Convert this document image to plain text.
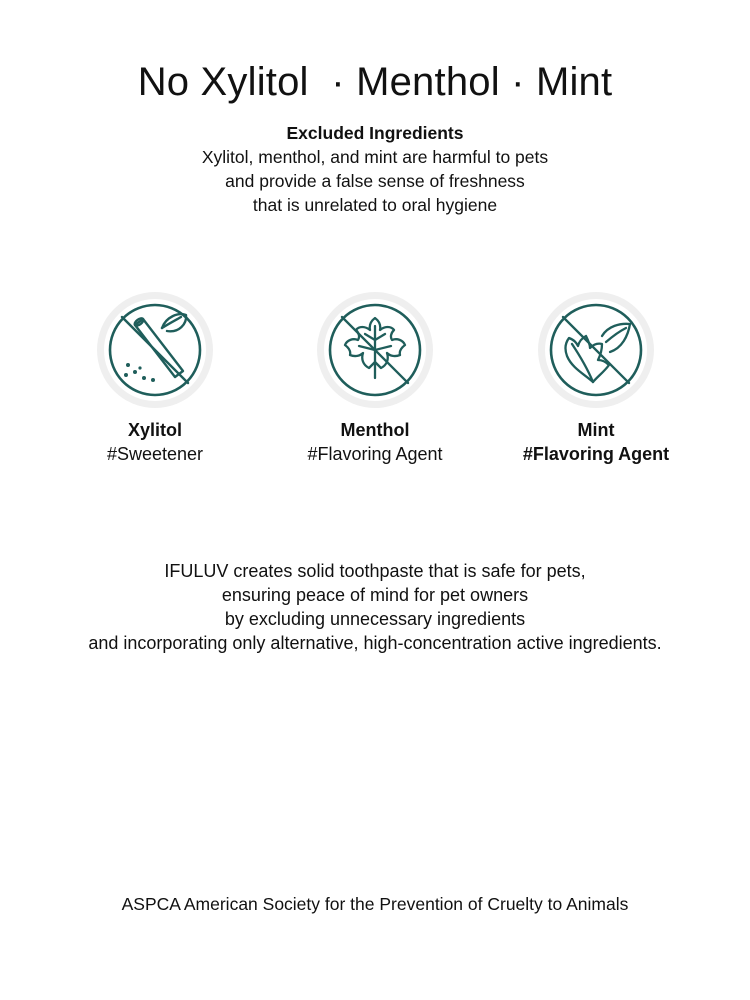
No Xylitol  · Menthol · Mint
Excluded Ingredients
Xylitol, menthol, and mint are harmful to pets
and provide a false sense of freshness
that is unrelated to oral hygiene
Xylitol
#Sweetener
Menthol
#Flavoring Agent
Mint
#Flavoring Agent
IFULUV creates solid toothpaste that is safe for pets,
ensuring peace of mind for pet owners
by excluding unnecessary ingredients
and incorporating only alternative, high-concentration active ingredients.
ASPCA American Society for the Prevention of Cruelty to Animals
